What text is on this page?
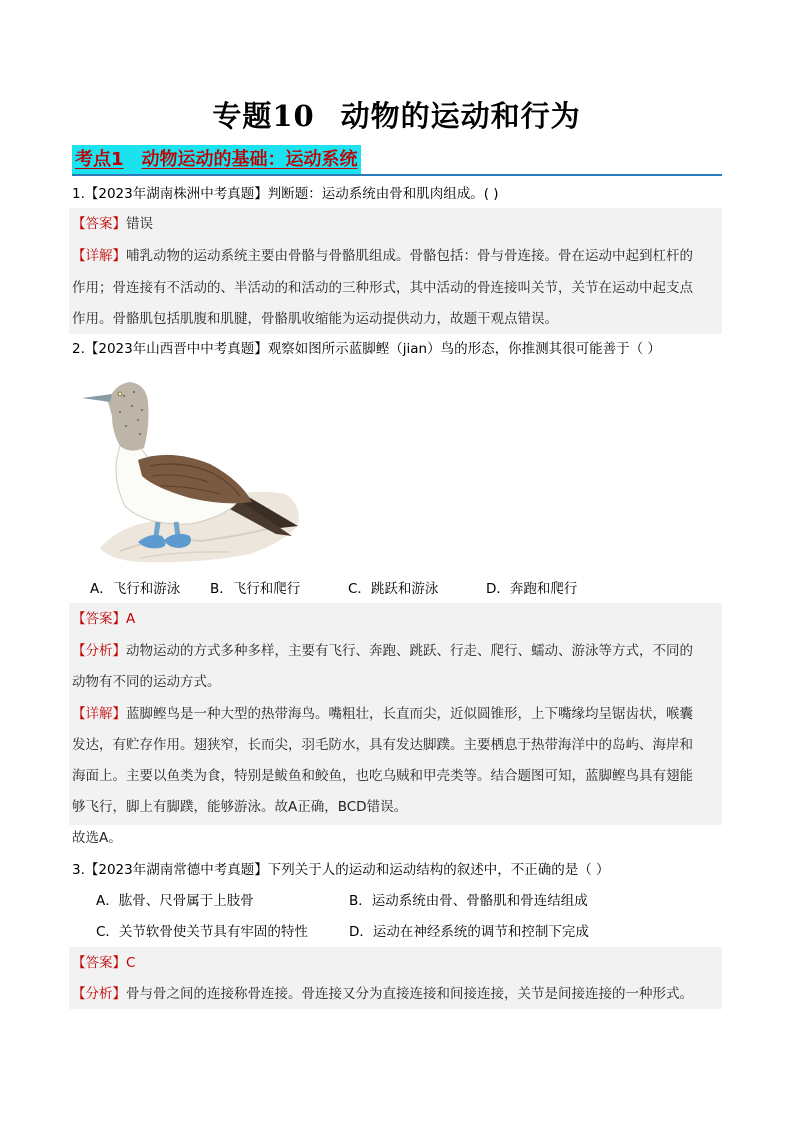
专题10 动物的运动和行为
考点1 动物运动的基础：运动系统
1.【2023年湖南株洲中考真题】判断题：运动系统由骨和肌肉组成。( )
【答案】错误
【详解】哺乳动物的运动系统主要由骨骼与骨骼肌组成。骨骼包括：骨与骨连接。骨在运动中起到杠杆的
作用；骨连接有不活动的、半活动的和活动的三种形式，其中活动的骨连接叫关节，关节在运动中起支点
作用。骨骼肌包括肌腹和肌腱，骨骼肌收缩能为运动提供动力，故题干观点错误。
2.【2023年山西晋中中考真题】观察如图所示蓝脚鲣（jian）鸟的形态，你推测其很可能善于（ ）
A．飞行和游泳 B．飞行和爬行	C．跳跃和游泳	D．奔跑和爬行
【答案】A
【分析】动物运动的方式多种多样，主要有飞行、奔跑、跳跃、行走、爬行、蠕动、游泳等方式，不同的
动物有不同的运动方式。
【详解】蓝脚鲣鸟是一种大型的热带海鸟。嘴粗壮，长直而尖，近似圆锥形，上下嘴缘均呈锯齿状，喉囊
发达，有贮存作用。翅狭窄，长而尖，羽毛防水，具有发达脚蹼。主要栖息于热带海洋中的岛屿、海岸和
海面上。主要以鱼类为食，特别是鲅鱼和鲛鱼，也吃乌贼和甲壳类等。结合题图可知，蓝脚鲣鸟具有翅能
够飞行，脚上有脚蹼，能够游泳。故A正确，BCD错误。
故选A。
3.【2023年湖南常德中考真题】下列关于人的运动和运动结构的叙述中，不正确的是（ ）
A．肱骨、尺骨属于上肢骨	B．运动系统由骨、骨骼肌和骨连结组成
C．关节软骨使关节具有牢固的特性	D．运动在神经系统的调节和控制下完成
【答案】C
【分析】骨与骨之间的连接称骨连接。骨连接又分为直接连接和间接连接，关节是间接连接的一种形式。
